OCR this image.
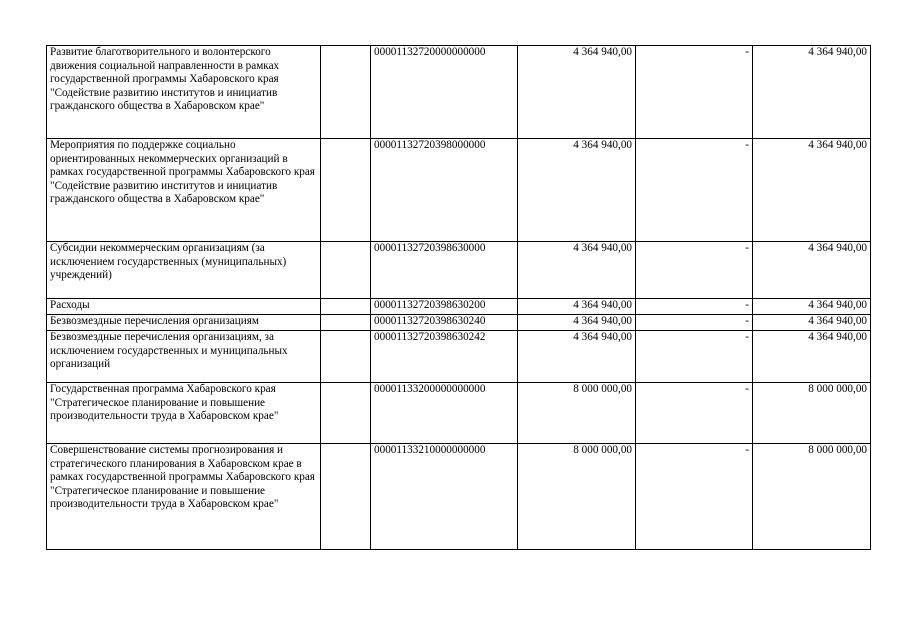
Развитие благотворительного и волонтерского движения социальной направленности в рамках государственной программы Хабаровского края "Содействие развитию институтов и инициатив гражданского общества в Хабаровском крае"		00001132720000000000	4 364 940,00	-	4 364 940,00
Мероприятия по поддержке социально ориентированных некоммерческих организаций в рамках государственной программы Хабаровского края "Содействие развитию институтов и инициатив гражданского общества в Хабаровском крае"		00001132720398000000	4 364 940,00	-	4 364 940,00
Субсидии некоммерческим организациям (за исключением государственных (муниципальных) учреждений)		00001132720398630000	4 364 940,00	-	4 364 940,00
Расходы		00001132720398630200	4 364 940,00	-	4 364 940,00
Безвозмездные перечисления организациям		00001132720398630240	4 364 940,00	-	4 364 940,00
Безвозмездные перечисления организациям, за исключением государственных и муниципальных организаций		00001132720398630242	4 364 940,00	-	4 364 940,00
Государственная программа Хабаровского края "Стратегическое планирование и повышение производительности труда в Хабаровском крае"		00001133200000000000	8 000 000,00	-	8 000 000,00
Совершенствование системы прогнозирования и стратегического планирования в Хабаровском крае в рамках государственной программы Хабаровского края "Стратегическое планирование и повышение производительности труда в Хабаровском крае"		00001133210000000000	8 000 000,00	-	8 000 000,00
